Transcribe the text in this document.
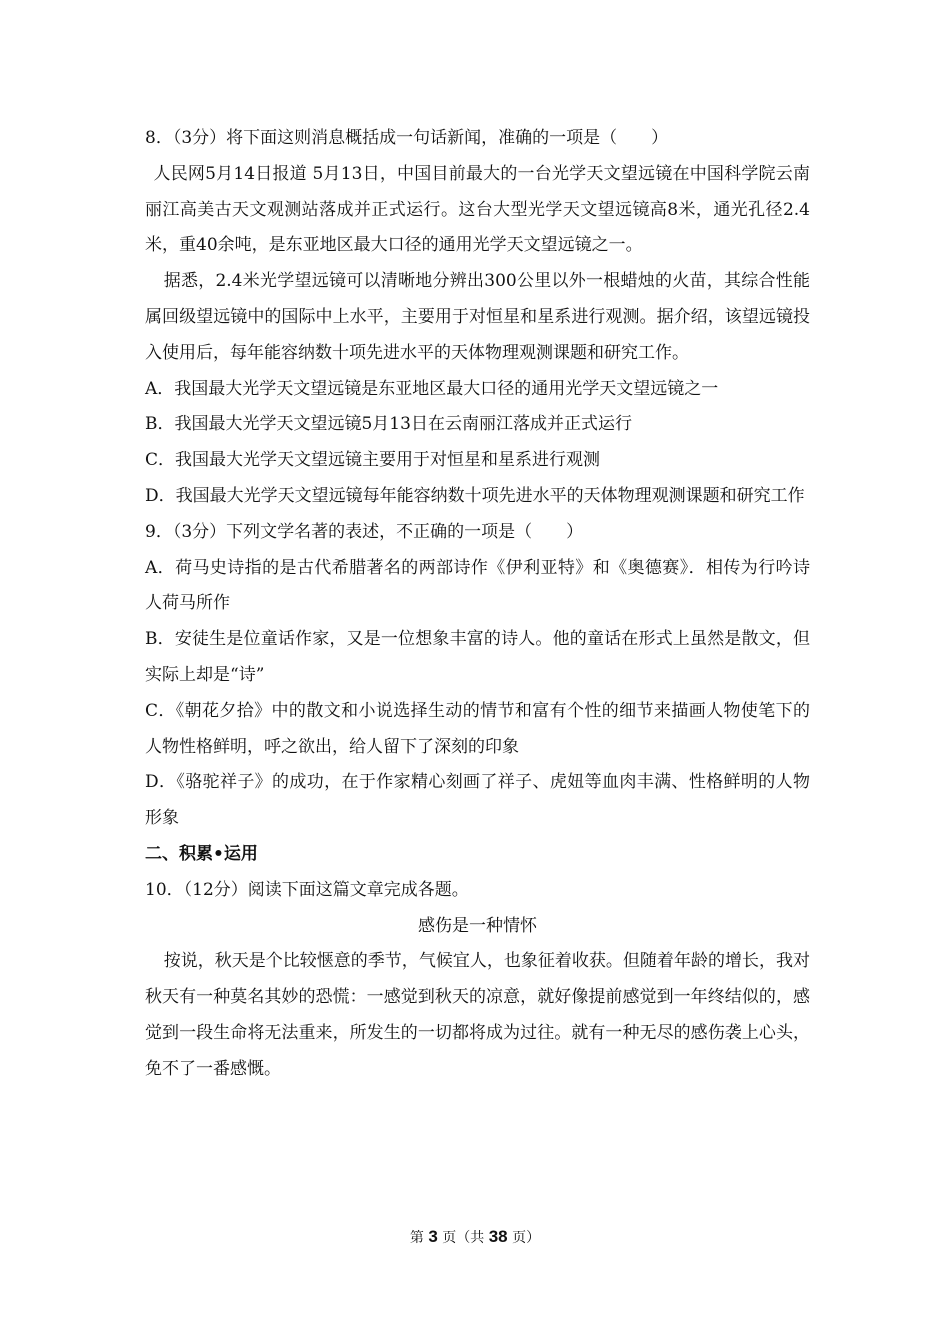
8．（3分）将下面这则消息概括成一句话新闻，准确的一项是（　　）

人民网5月14日报道 5月13日，中国目前最大的一台光学天文望远镜在中国科学院云南丽江高美古天文观测站落成并正式运行。这台大型光学天文望远镜高8米，通光孔径2.4米，重40余吨，是东亚地区最大口径的通用光学天文望远镜之一。

据悉，2.4米光学望远镜可以清晰地分辨出300公里以外一根蜡烛的火苗，其综合性能属回级望远镜中的国际中上水平，主要用于对恒星和星系进行观测。据介绍，该望远镜投入使用后，每年能容纳数十项先进水平的天体物理观测课题和研究工作。

A．我国最大光学天文望远镜是东亚地区最大口径的通用光学天文望远镜之一

B．我国最大光学天文望远镜5月13日在云南丽江落成并正式运行

C．我国最大光学天文望远镜主要用于对恒星和星系进行观测

D．我国最大光学天文望远镜每年能容纳数十项先进水平的天体物理观测课题和研究工作

9．（3分）下列文学名著的表述，不正确的一项是（　　）

A．荷马史诗指的是古代希腊著名的两部诗作《伊利亚特》和《奥德赛》．相传为行吟诗人荷马所作

B．安徒生是位童话作家，又是一位想象丰富的诗人。他的童话在形式上虽然是散文，但实际上却是“诗”

C．《朝花夕拾》中的散文和小说选择生动的情节和富有个性的细节来描画人物使笔下的人物性格鲜明，呼之欲出，给人留下了深刻的印象

D．《骆驼祥子》的成功，在于作家精心刻画了祥子、虎妞等血肉丰满、性格鲜明的人物形象

二、积累•运用

10．（12分）阅读下面这篇文章完成各题。

感伤是一种情怀

按说，秋天是个比较惬意的季节，气候宜人，也象征着收获。但随着年龄的增长，我对秋天有一种莫名其妙的恐慌：一感觉到秋天的凉意，就好像提前感觉到一年终结似的，感觉到一段生命将无法重来，所发生的一切都将成为过往。就有一种无尽的感伤袭上心头，免不了一番感慨。

第 3 页（共 38 页）
